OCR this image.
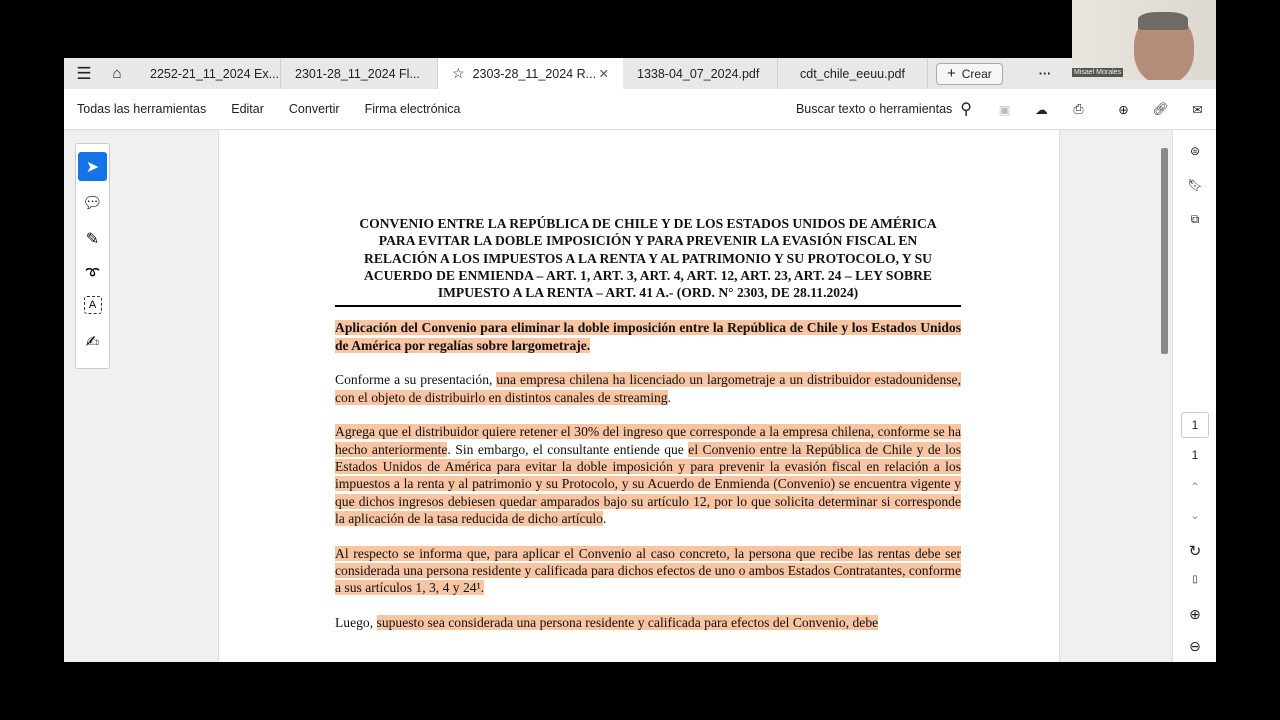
☰	⌂	2252-21_11_2024 Ex... 2301-28_11_2024 Fl... ☆ 2303-28_11_2024 R... ✕ 1338-04_07_2024.pdf	cdt_chile_eeuu.pdf	+ Crear	···
Todas las herramientas Editar Convertir Firma electrónica	Buscar texto o herramientas ⚲	▣	☁	⎙	⊕	🔗︎	✉
➤
💬︎
✎
➰︎
A
✍︎
CONVENIO ENTRE LA REPÚBLICA DE CHILE Y DE LOS ESTADOS UNIDOS DE AMÉRICA PARA EVITAR LA DOBLE IMPOSICIÓN Y PARA PREVENIR LA EVASIÓN FISCAL EN RELACIÓN A LOS IMPUESTOS A LA RENTA Y AL PATRIMONIO Y SU PROTOCOLO, Y SU ACUERDO DE ENMIENDA – ART. 1, ART. 3, ART. 4, ART. 12, ART. 23, ART. 24 – LEY SOBRE IMPUESTO A LA RENTA – ART. 41 A.- (ORD. N° 2303, DE 28.11.2024)
Aplicación del Convenio para eliminar la doble imposición entre la República de Chile y los Estados Unidos de América por regalías sobre largometraje.
Conforme a su presentación, una empresa chilena ha licenciado un largometraje a un distribuidor estadounidense, con el objeto de distribuirlo en distintos canales de streaming.
Agrega que el distribuidor quiere retener el 30% del ingreso que corresponde a la empresa chilena, conforme se ha hecho anteriormente. Sin embargo, el consultante entiende que el Convenio entre la República de Chile y de los Estados Unidos de América para evitar la doble imposición y para prevenir la evasión fiscal en relación a los impuestos a la renta y al patrimonio y su Protocolo, y su Acuerdo de Enmienda (Convenio) se encuentra vigente y que dichos ingresos debiesen quedar amparados bajo su artículo 12, por lo que solicita determinar si corresponde la aplicación de la tasa reducida de dicho artículo.
Al respecto se informa que, para aplicar el Convenio al caso concreto, la persona que recibe las rentas debe ser considerada una persona residente y calificada para dichos efectos de uno o ambos Estados Contratantes, conforme a sus artículos 1, 3, 4 y 24¹.
Luego, supuesto sea considerada una persona residente y calificada para efectos del Convenio, debe
⊜
🔖︎
⧉
1
1
⌃
⌄
↻
▯
⊕
⊖
Misael Morales
